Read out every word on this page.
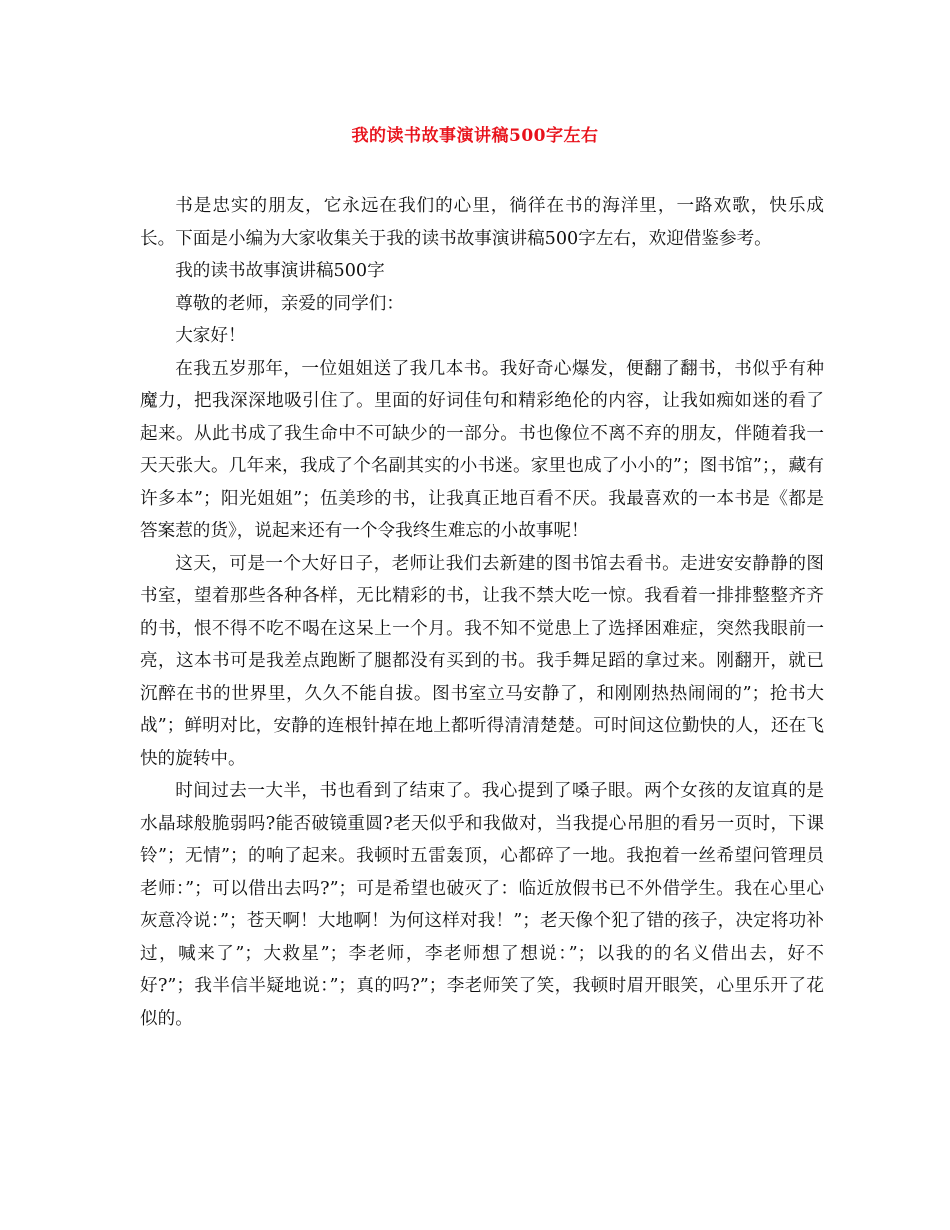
我的读书故事演讲稿500字左右

书是忠实的朋友，它永远在我们的心里，徜徉在书的海洋里，一路欢歌，快乐成长。下面是小编为大家收集关于我的读书故事演讲稿500字左右，欢迎借鉴参考。

我的读书故事演讲稿500字

尊敬的老师，亲爱的同学们：

大家好！

在我五岁那年，一位姐姐送了我几本书。我好奇心爆发，便翻了翻书，书似乎有种魔力，把我深深地吸引住了。里面的好词佳句和精彩绝伦的内容，让我如痴如迷的看了起来。从此书成了我生命中不可缺少的一部分。书也像位不离不弃的朋友，伴随着我一天天张大。几年来，我成了个名副其实的小书迷。家里也成了小小的”；图书馆”；，藏有许多本”；阳光姐姐”；伍美珍的书，让我真正地百看不厌。我最喜欢的一本书是《都是答案惹的货》，说起来还有一个令我终生难忘的小故事呢！

这天，可是一个大好日子，老师让我们去新建的图书馆去看书。走进安安静静的图书室，望着那些各种各样，无比精彩的书，让我不禁大吃一惊。我看着一排排整整齐齐的书，恨不得不吃不喝在这呆上一个月。我不知不觉患上了选择困难症，突然我眼前一亮，这本书可是我差点跑断了腿都没有买到的书。我手舞足蹈的拿过来。刚翻开，就已沉醉在书的世界里，久久不能自拔。图书室立马安静了，和刚刚热热闹闹的”；抢书大战”；鲜明对比，安静的连根针掉在地上都听得清清楚楚。可时间这位勤快的人，还在飞快的旋转中。

时间过去一大半，书也看到了结束了。我心提到了嗓子眼。两个女孩的友谊真的是水晶球般脆弱吗?能否破镜重圆?老天似乎和我做对，当我提心吊胆的看另一页时，下课铃”；无情”；的响了起来。我顿时五雷轰顶，心都碎了一地。我抱着一丝希望问管理员老师：”；可以借出去吗?”；可是希望也破灭了：临近放假书已不外借学生。我在心里心灰意冷说：”；苍天啊！大地啊！为何这样对我！”；老天像个犯了错的孩子，决定将功补过，喊来了”；大救星”；李老师，李老师想了想说：”；以我的的名义借出去，好不好?”；我半信半疑地说：”；真的吗?”；李老师笑了笑，我顿时眉开眼笑，心里乐开了花似的。
